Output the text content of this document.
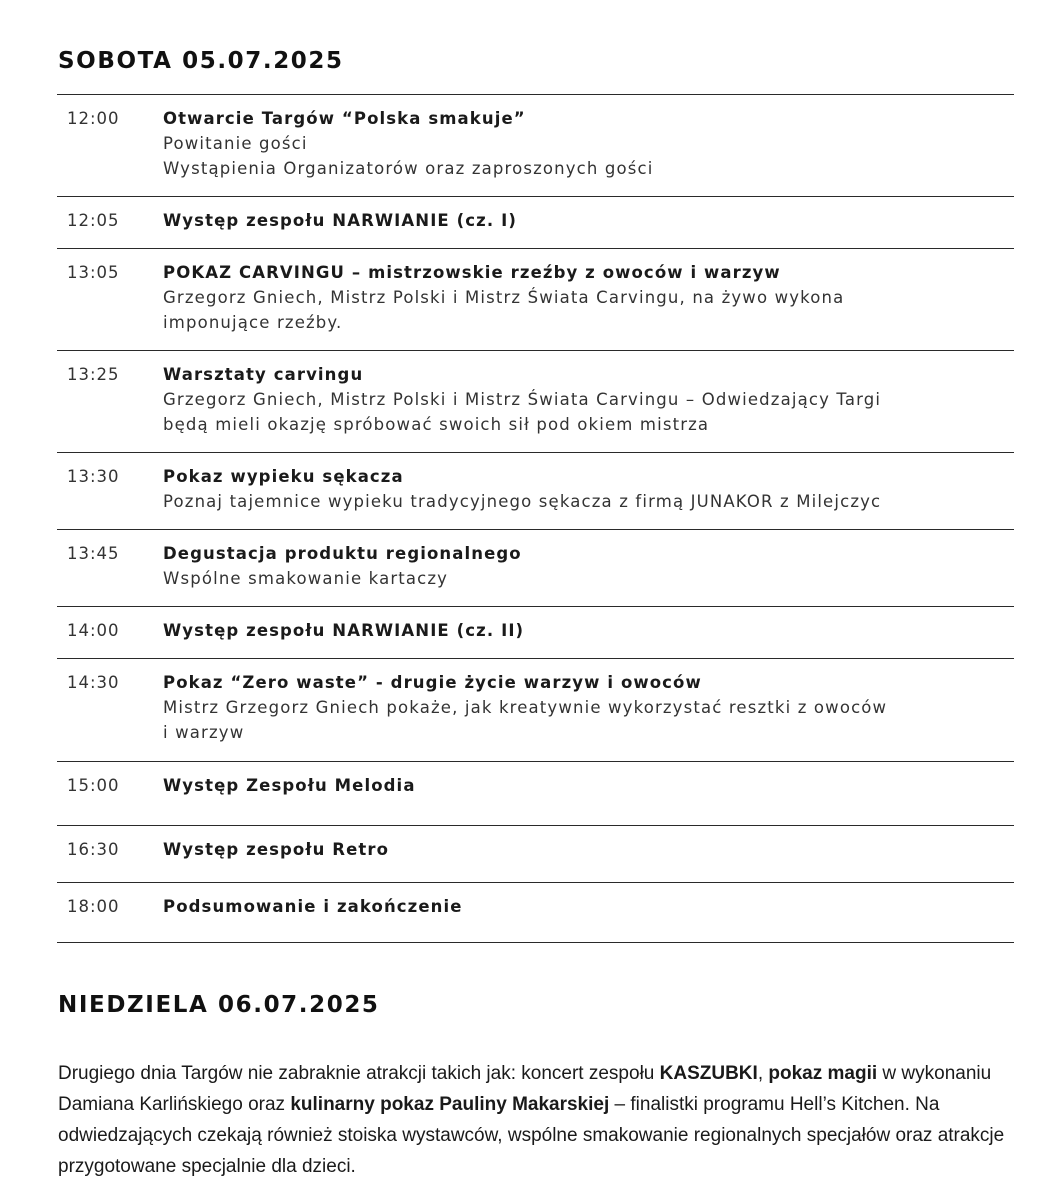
SOBOTA 05.07.2025
12:00	Otwarcie Targów “Polska smakuje”
Powitanie gości
Wystąpienia Organizatorów oraz zaproszonych gości
12:05	Występ zespołu NARWIANIE (cz. I)
13:05	POKAZ CARVINGU – mistrzowskie rzeźby z owoców i warzyw
Grzegorz Gniech, Mistrz Polski i Mistrz Świata Carvingu, na żywo wykona
imponujące rzeźby.
13:25	Warsztaty carvingu
Grzegorz Gniech, Mistrz Polski i Mistrz Świata Carvingu – Odwiedzający Targi
będą mieli okazję spróbować swoich sił pod okiem mistrza
13:30	Pokaz wypieku sękacza
Poznaj tajemnice wypieku tradycyjnego sękacza z firmą JUNAKOR z Milejczyc
13:45	Degustacja produktu regionalnego
Wspólne smakowanie kartaczy
14:00	Występ zespołu NARWIANIE (cz. II)
14:30	Pokaz “Zero waste” - drugie życie warzyw i owoców
Mistrz Grzegorz Gniech pokaże, jak kreatywnie wykorzystać resztki z owoców
i warzyw
15:00	Występ Zespołu Melodia
16:30	Występ zespołu Retro
18:00	Podsumowanie i zakończenie
NIEDZIELA 06.07.2025

Drugiego dnia Targów nie zabraknie atrakcji takich jak: koncert zespołu KASZUBKI, pokaz magii w wykonaniu Damiana Karlińskiego oraz kulinarny pokaz Pauliny Makarskiej – finalistki programu Hell’s Kitchen. Na odwiedzających czekają również stoiska wystawców, wspólne smakowanie regionalnych specjałów oraz atrakcje przygotowane specjalnie dla dzieci.
